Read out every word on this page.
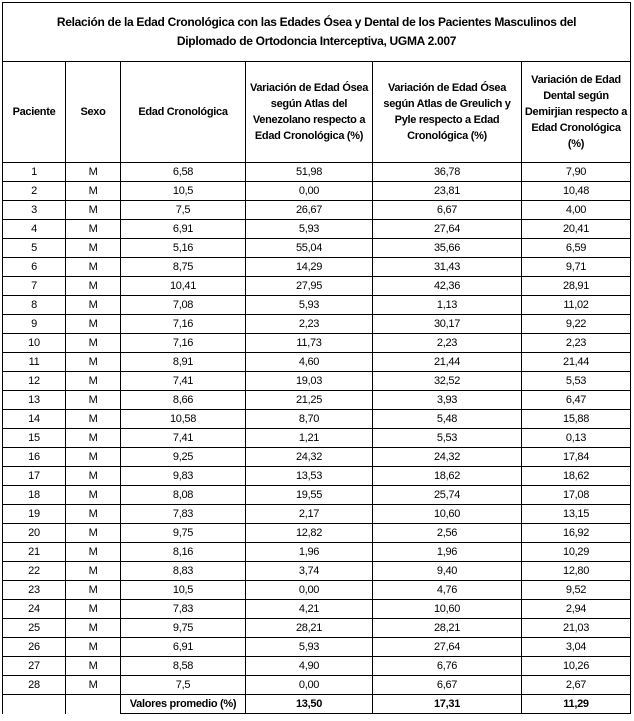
Relación de la Edad Cronológica con las Edades Ósea y Dental de los Pacientes Masculinos del
Diplomado de Ortodoncia Interceptiva, UGMA 2.007					

Paciente	Sexo	Edad Cronológica	Variación de Edad Ósea según Atlas del Venezolano respecto a Edad Cronológica (%)	Variación de Edad Ósea según Atlas de Greulich y Pyle respecto a Edad Cronológica (%)	Variación de Edad Dental según Demirjian respecto a Edad Cronológica (%)
1	M	6,58	51,98	36,78	7,90
2	M	10,5	0,00	23,81	10,48
3	M	7,5	26,67	6,67	4,00
4	M	6,91	5,93	27,64	20,41
5	M	5,16	55,04	35,66	6,59
6	M	8,75	14,29	31,43	9,71
7	M	10,41	27,95	42,36	28,91
8	M	7,08	5,93	1,13	11,02
9	M	7,16	2,23	30,17	9,22
10	M	7,16	11,73	2,23	2,23
11	M	8,91	4,60	21,44	21,44
12	M	7,41	19,03	32,52	5,53
13	M	8,66	21,25	3,93	6,47
14	M	10,58	8,70	5,48	15,88
15	M	7,41	1,21	5,53	0,13
16	M	9,25	24,32	24,32	17,84
17	M	9,83	13,53	18,62	18,62
18	M	8,08	19,55	25,74	17,08
19	M	7,83	2,17	10,60	13,15
20	M	9,75	12,82	2,56	16,92
21	M	8,16	1,96	1,96	10,29
22	M	8,83	3,74	9,40	12,80
23	M	10,5	0,00	4,76	9,52
24	M	7,83	4,21	10,60	2,94
25	M	9,75	28,21	28,21	21,03
26	M	6,91	5,93	27,64	3,04
27	M	8,58	4,90	6,76	10,26
28	M	7,5	0,00	6,67	2,67
		Valores promedio (%)	13,50	17,31	11,29
